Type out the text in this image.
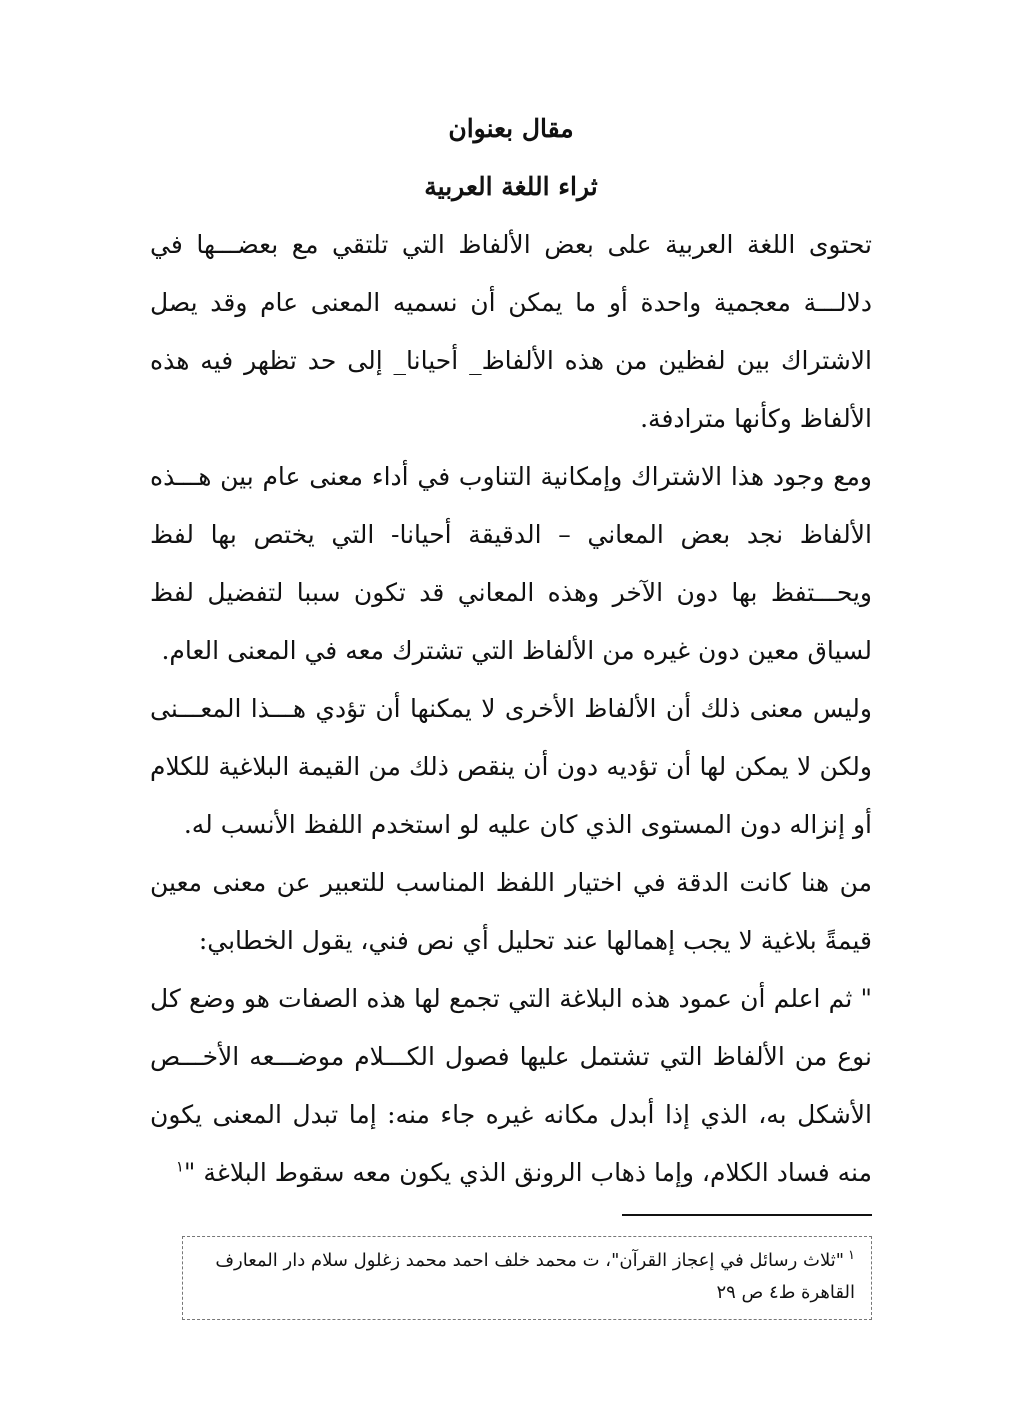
مقال بعنوان
ثراء اللغة العربية

تحتوى اللغة العربية على بعض الألفاظ التي تلتقي مع بعضـــها في دلالـــة معجمية واحدة أو ما يمكن أن نسميه المعنى عام وقد يصل الاشتراك بين لفظين من هذه الألفاظ_ أحيانا_ إلى حد تظهر فيه هذه الألفاظ وكأنها مترادفة.

ومع وجود هذا الاشتراك وإمكانية التناوب في أداء معنى عام بين هـــذه الألفاظ نجد بعض المعاني – الدقيقة أحيانا- التي يختص بها لفظ ويحـــتفظ بها دون الآخر وهذه المعاني قد تكون سببا لتفضيل لفظ لسياق معين دون غيره من الألفاظ التي تشترك معه في المعنى العام.

وليس معنى ذلك أن الألفاظ الأخرى لا يمكنها أن تؤدي هـــذا المعـــنى ولكن لا يمكن لها أن تؤديه دون أن ينقص ذلك من القيمة البلاغية للكلام أو إنزاله دون المستوى الذي كان عليه لو استخدم اللفظ الأنسب له.

من هنا كانت الدقة في اختيار اللفظ المناسب للتعبير عن معنى معين قيمةً بلاغية لا يجب إهمالها عند تحليل أي نص فني، يقول الخطابي:

" ثم اعلم أن عمود هذه البلاغة التي تجمع لها هذه الصفات هو وضع كل نوع من الألفاظ التي تشتمل عليها فصول الكـــلام موضـــعه الأخـــص الأشكل به، الذي إذا أبدل مكانه غيره جاء منه: إما تبدل المعنى يكون منه فساد الكلام، وإما ذهاب الرونق الذي يكون معه سقوط البلاغة "$^١$

$^١$"ثلاث رسائل في إعجاز القرآن"، ت محمد خلف احمد محمد زغلول سلام دار المعارف القاهرة ط٤ ص ٢٩
